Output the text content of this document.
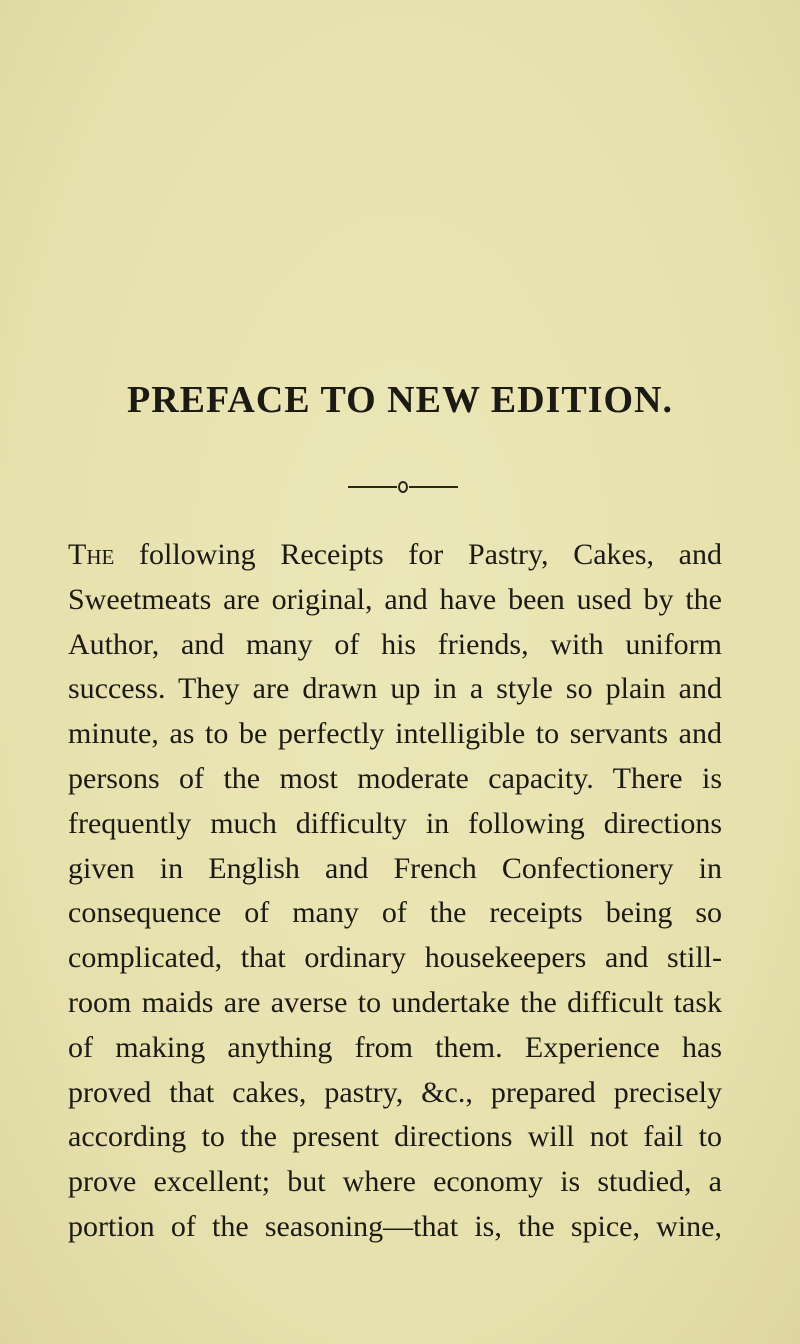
PREFACE TO NEW EDITION.
The following Receipts for Pastry, Cakes, and
Sweetmeats are original, and have been used by the
Author, and many of his friends, with uniform
success. They are drawn up in a style so plain and
minute, as to be perfectly intelligible to servants and
persons of the most moderate capacity. There is
frequently much difficulty in following directions
given in English and French Confectionery in
consequence of many of the receipts being so
complicated, that ordinary housekeepers and still-
room maids are averse to undertake the difficult task
of making anything from them. Experience has
proved that cakes, pastry, &c., prepared precisely
according to the present directions will not fail to
prove excellent; but where economy is studied, a
portion of the seasoning—that is, the spice, wine,
